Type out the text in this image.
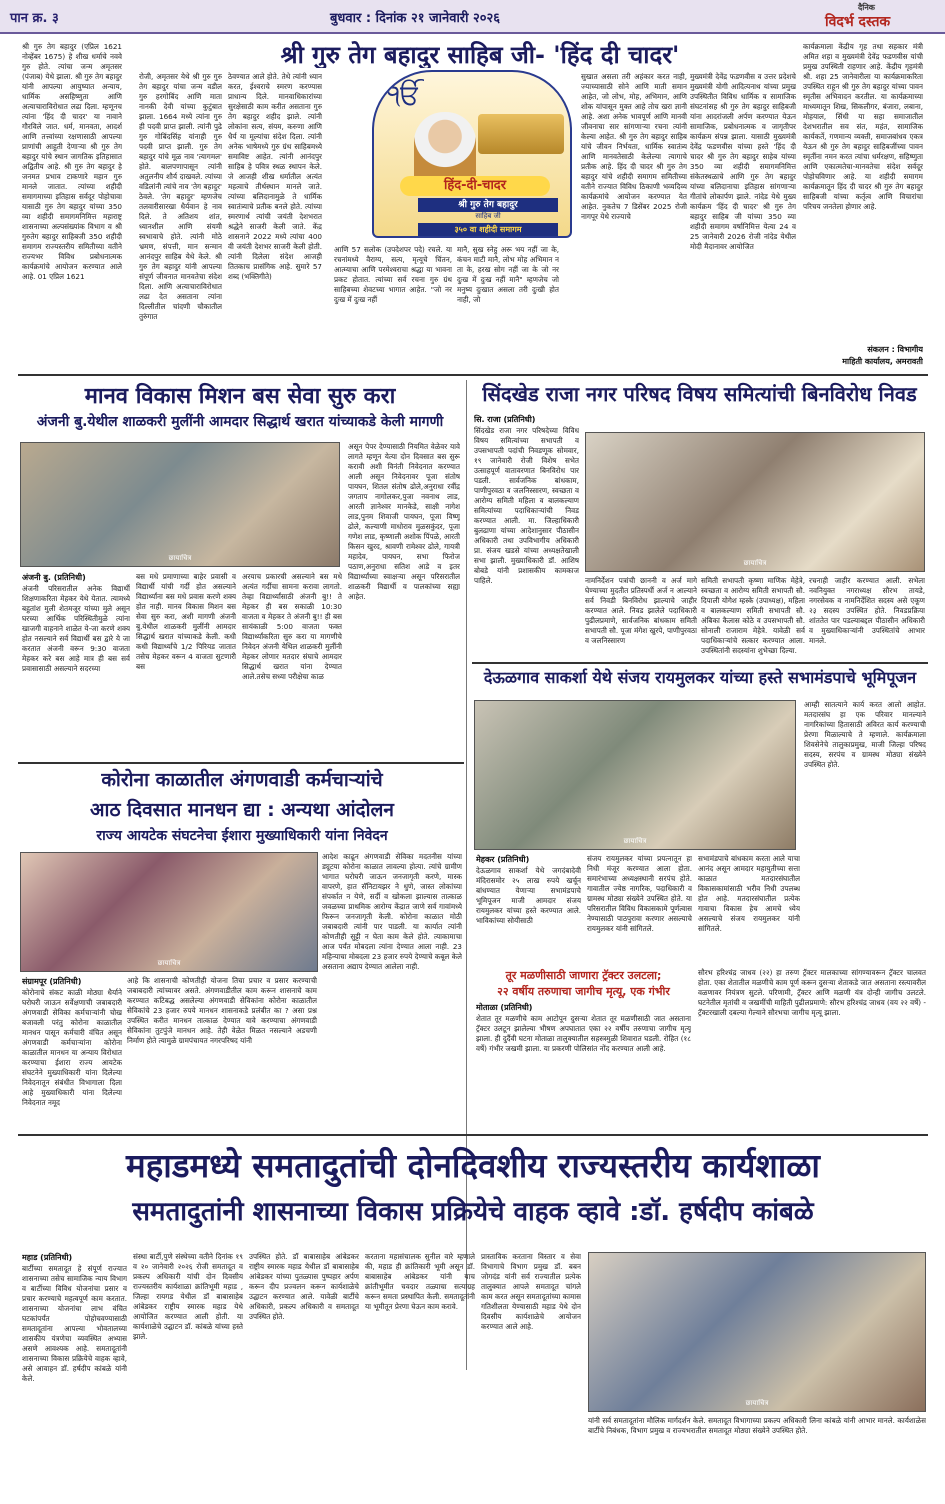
पान क्र. ३	बुधवार : दिनांक २१ जानेवारी २०२६
दैनिक
विदर्भ दस्तक
श्री गुरु तेग बहादुर साहिब जी- 'हिंद दी चादर'
श्री गुरु तेग बहादुर (एप्रिल 1621 नोव्हेंबर 1675) हे शीख धर्माचे नववे गुरु होते. त्यांचा जन्म अमृतसर (पंजाब) येथे झाला. श्री गुरु तेग बहादुर यांनी आपल्या आयुष्यात अन्याय, धार्मिक असहिष्णुता आणि अत्याचाराविरोधात लढा दिला. म्हणूनच त्यांना 'हिंद दी चादर' या नावाने गौरविले जात. धर्म, मानवता, आदर्श आणि तत्त्वांच्या रक्षणासाठी आपल्या प्राणांची आहुती देणाऱ्या श्री गुरु तेग बहादुर यांचे स्थान जागतिक इतिहासात अद्वितीय आहे. श्री गुरु तेग बहादुर हे जनमत प्रभाव टाकणारे महान गुरु मानले जातात. त्यांच्या शहीदी समागमाच्या इतिहास सर्वदूर पोहोचावा यासाठी गुरु तेग बहादुर यांच्या 350 व्या शहीदी समागमनिमित्त महाराष्ट्र शासनाच्या अल्पसंख्यांक विभाग व श्री गुरुतेग बहादुर साहिबजी 350 शहीदी समागम राज्यस्तरीय समितीच्या वतीने राज्यभर विविध प्रबोधनात्मक कार्यक्रमांचे आयोजन करण्यात आले आहे. 01 एप्रिल 1621
रोजी, अमृतसर येथे श्री गुरु गुरु तेग बहादुर यांचा जन्म वडील गुरु हरगोबिंद आणि माता नानकी देवी यांच्या कुटुंबात झाला. 1664 मध्ये त्यांना गुरु ही पदवी प्राप्त झाली. त्यांनी पुढे गुरु गोबिंदसिंह यांनाही गुरु पदवी प्राप्त झाली. गुरु तेग बहादुर यांचे मूळ नाव 'त्यागमल' होते. बालपणापासून त्यांनी अतुलनीय शौर्य दाखवले. त्यांच्या वडिलांनी त्यांचे नाव 'तेग बहादुर' ठेवले. 'तेग बहादुर' म्हणजेच तलवारीसारखा धैर्यवान हे नाव दिले. ते अतिशय शांत, ध्यानशील आणि संयमी स्वभावाचे होते. त्यांनी मोठे भ्रमण, संपत्ती, मान सन्मान आनंदपुर साहिब येथे केले. श्री गुरु तेग बहादुर यांनी आपल्या संपूर्ण जीवनात मानवतेचा संदेश दिला. आणि अत्याचाराविरोधात लढा देत असताना त्यांना दिल्लीतील चांदणी चौकातील तुरुंगात
ठेवण्यात आले होते. तेथे त्यांनी ध्यान करत, ईश्वराचे स्मरण करण्यास प्राधान्य दिले. मानवाधिकारांच्या सुरक्षेसाठी काम करीत असताना गुरु तेग बहादुर शहीद झाले. त्यांनी लोकांना सत्य, संयम, करुणा आणि धैर्य या मूल्यांचा संदेश दिला. त्यांनी अनेक भाषेमध्ये गुरु ग्रंथ साहिबमध्ये समाविष्ट आहेत. त्यांनी आनंदपुर साहिब हे पवित्र स्थळ स्थापन केले. जे आजही शीख धर्मातील अत्यंत महत्वाचे तीर्थस्थान मानले जाते. त्यांच्या बलिदानामुळे ते धार्मिक स्वातंत्र्याचे प्रतीक बनले होते. त्यांच्या स्मरणार्थ त्यांची जयंती देशभरात श्रद्धेने साजरी केली जाते. केंद्र शासनाने 2022 मध्ये त्यांचा 400 वी जयंती देशभर साजरी केली होती. त्यांनी दिलेला संदेश आजही तितकाच प्रासंगिक आहे. सुमारे 57 शब्द (भक्तिगीते)
ੴ
हिंद-दी-चादर
श्री गुरु तेग बहादुर
साहिब जी
३५० वा शहीदी समागम
आणि 57 सलोक (उपदेशपर पदे) रचले. या रचनांमध्ये वैराग्य, सत्य, मृत्यूचे चिंतन, आत्म्याचा आणि परमेश्वराचा श्रद्धा या भावना प्रकट होतात. त्यांच्या सर्व रचना गुरु ग्रंथ साहिबच्या शेवटच्या भागात आहेत. "जो नर दुःख में दुःख नहीं
मानै, सुख स्नेहु अरू भय नहीं जा के, कंचन माटी मानै, लोभ मोह अभिमान न ता के, हरख सोग नहीं जा के जो नर दुःख में दुःख नहीं मानै" म्हणजेच जो मनुष्य दुःखात असला तरी दुःखी होत नाही, जो
सुखात असला तरी अहंकार करत नाही, ज्याच्यासाठी सोने आणि माती समान आहेत, जो लोभ, मोह, अभिमान, आणि शोक यांपासून मुक्त आहे तोच खरा ज्ञानी आहे. अशा अनेक भावपूर्ण आणि मानवी जीवनाचा सार सांगणाऱ्या रचना त्यांनी केल्या आहेत. श्री गुरु तेग बहादुर साहिब यांचे जीवन निर्भयता, धार्मिक स्वातंत्र्य आणि मानवतेसाठी केलेल्या त्यागाचे प्रतीक आहे. हिंद दी चादर श्री गुरु तेग बहादुर यांचे शहीदी समागम समितीच्या वतीने राज्यात विविध ठिकाणी भव्यदिव्य कार्यक्रमांचे आयोजन करण्यात येत आहेत. नुकतेच 7 डिसेंबर 2025 रोजी नागपूर येथे राज्याचे
मुख्यमंत्री देवेंद्र फडणवीस व उत्तर प्रदेशचे मुख्यमंत्री योगी आदित्यनाथ यांच्या प्रमुख उपस्थितीत विविध धार्मिक व सामाजिक संघटनांसह श्री गुरु तेग बहादुर साहिबजी यांना आदरांजली अर्पण करण्यात येऊन सामाजिक, प्रबोधनात्मक व जागृतीपर कार्यक्रम संपन्न झाला. यासाठी मुख्यमंत्री देवेंद्र फडणवीस यांच्या हस्ते 'हिंद दी चादर श्री गुरु तेग बहादुर साहेब यांच्या 350 व्या शहीदी समागमनिमित्त संकेतस्थळाचे आणि गुरु तेग बहादुर यांच्या बलिदानाचा इतिहास सांगणाऱ्या गीतांचे लोकार्पण झाले. नांदेड येथे मुख्य कार्यक्रम 'हिंद दी चादर' श्री गुरु तेग बहादुर साहिब जी यांच्या 350 व्या शहीदी समागम वर्षानिमित्त येत्या 24 व 25 जानेवारी 2026 रोजी नांदेड येथील मोदी मैदानावर आयोजित
कार्यक्रमाला केंद्रीय गृह तथा सहकार मंत्री अमित शहा व मुख्यमंत्री देवेंद्र फडणवीस यांची प्रमुख उपस्थिती राहणार आहे. केंद्रीय गृहमंत्री श्री. शहा 25 जानेवारीला या कार्यक्रमाकरिता उपस्थित राहून श्री गुरु तेग बहादुर यांच्या पावन स्मृतीस अभिवादन करतील. या कार्यक्रमाच्या माध्यमातून शिख, सिकलीगर, बंजारा, लबाना, मोहयाल, सिंधी या सहा समाजातील देशभरातील सव संत, महंत, सामाजिक कार्यकर्ते, गणमान्य व्यक्ती, समाजबांधव एकत्र येऊन श्री गुरु तेग बहादुर साहिबजींच्या पावन स्मृतींना नमन करत त्यांचा धर्मरक्षण, सहिष्णुता आणि एकात्मतेचा-मानवतेचा संदेश सर्वदूर पोहोचविणार आहे. या शहीदी समागम कार्यक्रमातून हिंद दी चादर श्री गुरु तेग बहादुर साहिबजी यांच्या कर्तृत्व आणि विचारांचा परिचय जनतेला होणार आहे.
संकलन : विभागीय
माहिती कार्यालय, अमरावती
मानव विकास मिशन बस सेवा सुरु करा
अंजनी बु.येथील शाळकरी मुलींनी आमदार सिद्धार्थ खरात यांच्याकडे केली मागणी
छायाचित्र
अंजनी बु. (प्रतिनिधी)
अंजनी परिसरातील अनेक विद्यार्थी शिक्षणाकरिता मेहकर येथे येतात. त्यामध्ये बहुतांश मुली शेतमजूर यांच्या मुले असून घरच्या आर्थिक परिस्थितीमुळे त्यांना खाजगी वाहनाने शाळेत ये-जा करणे शक्य होत नसल्याने सर्व विद्यार्थी बस द्वारे ये जा करतात अंजनी वरून 9:30 वाजता मेहकर करे बस आहे मात्र ही बस सर्व प्रवासासाठी असल्याने सदरच्या
बस मधे प्रमाणाच्या बाहेर प्रवासी व विद्यार्थी यांची गर्दी होत असल्याने विद्यार्थ्यांना बस मधे प्रवास करणे शक्य होत नाही. मानव विकास मिशन बस सेवा सुरु करा, अशी मागणी अंजनी बु.येथील शाळकरी मुलींनी आमदार सिद्धार्थ खरात यांच्याकडे केली. कधी कधी विद्यार्थ्यांचे 1/2 पिरियड जातात तसेच मेहकर वरून 4 वाजता सुटणारी बस
अरयाच प्रकारची असल्याने बस मधे अत्यंत गर्दीचा सामना करावा लागतो. तेव्हा विद्यार्थ्यांसाठी अंजनी बु!! ते मेहकर ही बस सकाळी 10:30 वाजता व मेहकर ते अंजनी बु!! ही बस सायंकाळी 5:00 वाजता फक्त विद्यार्थ्यांकरिता सुरु करा या मागणीचे निवेदन अंजनी येथिल शाळकरी मुलींनी मेहकर लोणार मतदार संघाचे आमदार सिद्धार्थ खरात यांना देण्यात आले.तसेच सध्या परीक्षेचा काळ
असून पेपर देण्यासाठी नियमित वेळेवर यावे लागते म्हणून येत्या दोन दिवसात बस सुरू करावी अशी विनंती निवेदनात करण्यात आली असून निवेदनावर पूजा संतोष पायघन, शितल संतोष ढोले,अनुराधा रवींद्र जगताप नागोलकर,पुजा नवनाथ लाड, आरती ज्ञानेश्वर मानकेडे, साक्षी नागेश लाड,पुनम शिवाजी पायघन, पूजा विष्णू ढोले, कल्याणी माधोराव मुळसकुंदर, पूजा गणेश लाड, कृष्णाली अशोक पिंपळे, आरती किसन खुरद, श्रावणी रामेश्वर ढोले, गायत्री महादेव, पायघन, सभा फिरोज पठाण,अनुराधा सतिश आडे व इतर विद्यार्थ्यांच्या स्वाक्षऱ्या असून परिसरातील शाळकरी विद्यार्थी व पालकांच्या सह्या आहेत.
सिंदखेड राजा नगर परिषद विषय समित्यांची बिनविरोध निवड
सि. राजा (प्रतिनिधी)
सिंदखेड राजा नगर परिषदेच्या विविध विषय समित्यांच्या सभापती व उपसभापती पदांची निवडणूक सोमवार, १९ जानेवारी रोजी विशेष सभेत उत्साहपूर्ण वातावरणात बिनविरोध पार पडली. सार्वजनिक बांधकाम, पाणीपुरवठा व जलनिस्सारण, स्वच्छता व आरोग्य समिती महिला व बालकल्याण समित्यांच्या पदाधिकाऱ्यांची निवड करण्यात आली. मा. जिल्हाधिकारी बुलढाणा यांच्या आदेशानुसार पीठासीन अधिकारी तथा उपविभागीय अधिकारी प्रा. संजय खडसे यांच्या अध्यक्षतेखाली सभा झाली. मुख्याधिकारी डॉ. आशिष बोबडे यांनी प्रशासकीय कामकाज पाहिले.
छायाचित्र
नामनिर्देशन पत्रांची छाननी व अर्ज मागे घेण्याच्या मुदतीत प्रतिस्पर्धी अर्ज न आल्याने सर्व निवडी बिनविरोध झाल्याचे जाहीर करण्यात आले. निवड झालेले पदाधिकारी पुढीलप्रमाणे, सार्वजनिक बांधकाम समिती सभापती सौ. पूजा मंगेश खुरपे, पाणीपुरवठा व जलनिस्सारण
समिती सभापती कृष्णा माणिक मेहेत्रे, स्वच्छता व आरोग्य समिती सभापती सौ. दिपाली योगेश म्हस्के (उपाध्यक्ष), महिला व बालकल्याण समिती सभापती सौ. अंबिका कैलास कोठे व उपसभापती सौ. सोनाली राजाराम मेहेत्रे. यावेळी सर्व पदाधिकाऱ्यांचे सत्कार करण्यात आला. उपस्थितांनी सदस्यांना शुभेच्छा दिल्या.
रचनाही जाहीर करण्यात आली. सभेला नवनियुक्त नगराध्यक्ष सौरभ तायडे, नगरसेवक व नामनिर्देशित सदस्य असे एकूण २३ सदस्य उपस्थित होते. निवडप्रक्रिया शांततेत पार पडल्याबद्दल पीठासीन अधिकारी व मुख्याधिकाऱ्यांनी उपस्थितांचे आभार मानले.
देऊळगाव साकर्शा येथे संजय रायमुलकर यांच्या हस्ते सभामंडपाचे भूमिपूजन
छायाचित्र
मेहकर (प्रतिनिधी)
देऊळगाव साकर्शा येथे जगदंबादेवी मंदिरासमोर २५ लाख रुपये खर्चून बांधण्यात येणाऱ्या सभामंडपाचे भूमिपूजन माजी आमदार संजय रायमुलकर यांच्या हस्ते करण्यात आले. भाविकांच्या सोयीसाठी
संजय रायमुलकर यांच्या प्रयत्नातून हा निधी मंजूर करण्यात आला होता. समारंभाच्या अध्यक्षस्थानी सरपंच होते. गावातील ज्येष्ठ नागरिक, पदाधिकारी व ग्रामस्थ मोठ्या संख्येने उपस्थित होते. या परिसरातील विविध विकासकामे पूर्णत्वास नेण्यासाठी पाठपुरावा करणार असल्याचे रायमुलकर यांनी सांगितले.
सभामंडपाचे बांधकाम करता आले याचा आनंद असून आमदार महायुतीच्या सत्ता काळात मतदारसंघातील विकासकामांसाठी भरीव निधी उपलब्ध होत आहे. मतदारसंघातील प्रत्येक गावाचा विकास हेच आमचे ध्येय असल्याचे संजय रायमुलकर यांनी सांगितले.
आम्ही सातत्याने कार्य करत आलो आहोत. मतदारसंघ हा एक परिवार मानल्याने नागरिकांच्या हितासाठी अविरत कार्य करण्याची प्रेरणा मिळाल्याचे ते म्हणाले. कार्यक्रमाला शिवसेनेचे तालुकाप्रमुख, माजी जिल्हा परिषद सदस्य, सरपंच व ग्रामस्थ मोठ्या संख्येने उपस्थित होते.
तूर मळणीसाठी जाणारा ट्रॅक्टर उलटला;
२२ वर्षीय तरुणाचा जागीच मृत्यू, एक गंभीर
मोताळा (प्रतिनिधी)
शेतात तूर मळणीचे काम आटोपून दुसऱ्या शेतात तूर मळणीसाठी जात असताना ट्रॅक्टर उलटून झालेल्या भीषण अपघातात एका २२ वर्षीय तरुणाचा जागीच मृत्यू झाला. ही दुर्दैवी घटना मोताळा तालुक्यातील सहस्त्रमुळी शिवारात घडली. रोहित (१८ वर्षे) गंभीर जखमी झाला. या प्रकरणी पोलिसांत नोंद करण्यात आली आहे.
सौरभ हरिश्चंद्र जाधव (२२) हा तरुण ट्रॅक्टर मालकाच्या सांगण्यावरून ट्रॅक्टर चालवत होता. एका शेतातील मळणीचे काम पूर्ण करून दुसऱ्या शेताकडे जात असताना रस्त्यावरील वळणावर नियंत्रण सुटले. परिणामी, ट्रॅक्टर आणि मळणी यंत्र दोन्ही जागीच उलटले. घटनेतील मृतांची व जखमींची माहिती पुढीलप्रमाणे: सौरभ हरिश्चंद्र जाधव (वय २२ वर्षे) - ट्रॅक्टरखाली दबल्या गेल्याने सौरभचा जागीच मृत्यू झाला.
कोरोना काळातील अंगणवाडी कर्मचाऱ्यांचे
आठ दिवसात मानधन द्या : अन्यथा आंदोलन
राज्य आयटेक संघटनेचा ईशारा मुख्याधिकारी यांना निवेदन
छायाचित्र
संग्रामपूर (प्रतिनिधी)
कोरोनाचे संकट काळी मोठ्या धैर्याने घरोघरी जाऊन सर्वेक्षणाची जबाबदारी अंगणवाडी सेविका कर्मचाऱ्यांनी चोख बजावली परंतु कोरोना काळातील मानधन पासून कर्मचारी वंचित असून अंगणवाडी कर्मचाऱ्यांना कोरोना काळातील मानधन या अन्याय विरोधात करण्याचा ईशारा राज्य आयटेक संघटनेने मुख्याधिकारी यांना दिलेल्या निवेदनातून संबंधीत विभागाला दिला आहे मुख्याधिकारी यांना दिलेल्या निवेदनात नमूद
आहे कि शासनाची कोणतीही योजना तिचा प्रचार व प्रसार करण्याची जबाबदारी त्यांच्यावर असते. अंगणवाडीतील काम करून शासनाचे काम करण्यात कटिबद्ध असलेल्या अंगणवाडी सेविकांना कोरोना काळातील सेविकांचे 23 हजार रुपये मानधन शासनाकडे प्रलंबीत का ? असा प्रश्न उपस्थित करीत मानधन तात्काळ देण्यात यावे करण्याचा अंगणवाडी सेविकांना तुटपुंजे मानधन आहे. तेही वेळेत मिळत नसल्याने अडचणी निर्माण होते त्यामुळे ग्रामपंचायत नगरपरिषद यांनी
आदेश काढून अंगणवाडी सेविका मदतनीस यांच्या ड्यूटया कोरोना काळात लावल्या होत्या. त्यांचे ग्रामीण भागात घरोघरी जाऊन जनजागृती करणे, मास्क वापरणे, हात सॅनिटायझर ने धुणे, जास्त लोकांच्या संपर्कात न येणे, सर्दी व खोकला झाल्यास तात्काळ जवळच्या प्राथमिक आरोग्य केंद्रात जाणे सर्व गावांमध्ये फिरून जनजागृती केली. कोरोना काळात मोठी जबाबदारी त्यांनी पार पाडली. या कार्यात त्यांनी कोणतीही सुट्टी न घेता काम केले होते. त्याकामाचा आज पर्यंत मोबदला त्यांना देण्यात आला नाही. 23 महिन्याचा मोबदला 23 हजार रुपये देण्याचे कबूल केले असताना अद्याप देण्यात आलेला नाही.
महाडमध्ये समतादुतांची दोनदिवशीय राज्यस्तरीय कार्यशाळा
समतादुतांनी शासनाच्या विकास प्रक्रियेचे वाहक व्हावे :डॉ. हर्षदीप कांबळे
महाड (प्रतिनिधी)
बार्टीच्या समतादूत हे संपूर्ण राज्यात शासनाच्या तसेच सामाजिक न्याय विभाग व बार्टीच्या विविध योजनांचा प्रसार व प्रचार करण्याचे महत्वपूर्ण काम करतात. शासनाच्या योजनांचा लाभ वंचित घटकांपर्यंत पोहोचवण्यासाठी समतादूतांना आपल्या भोवतालच्या शासकीय यंत्रणेचा व्यवस्थित अभ्यास असणे आवश्यक आहे. समतादूतांनी शासनाच्या विकास प्रक्रियेचे वाहक व्हावे, असे आवाहन डॉ. हर्षदीप कांबळे यांनी केले.
संस्था बार्टी,पुणे संस्थेच्या वतीने दिनांक १९ व २० जानेवारी २०२६ रोजी समतादूत व प्रकल्प अधिकारी यांची दोन दिवसीय राज्यस्तरीय कार्यशाळा क्रांतिभूमी महाड , जिल्हा रायगड येथील डॉ बाबासाहेब आंबेडकर राष्ट्रीय स्मारक महाड येथे आयोजित करण्यात आली होती. या कार्यशाळेचे उद्घाटन डॉ. कांबळे यांच्या हस्ते झाले.
उपस्थित होते. डॉ बाबासाहेब आंबेडकर राष्ट्रीय स्मारक महाड येथील डॉ बाबासाहेब आंबेडकर यांच्या पुतळ्यास पुष्पहार अर्पण करून दीप प्रज्वलन करून कार्यशाळेचे उद्घाटन करण्यात आले. यावेळी बार्टीचे अधिकारी, प्रकल्प अधिकारी व समतादूत उपस्थित होते.
करताना महासंचालक सुनील वारे म्हणाले की, महाड ही क्रांतिकारी भूमी असून डॉ. बाबासाहेब आंबेडकर यांनी याच क्रांतीभूमीत चवदार तळ्याचा सत्याग्रह करून समता प्रस्थापित केली. समतादूतांनी या भूमीतून प्रेरणा घेऊन काम करावे.
प्रास्ताविक करताना विस्तार व सेवा विभागाचे विभाग प्रमुख डॉ. बबन जोगदंड यांनी सर्व राज्यातील प्रत्येक तालुक्यात आपले समतादूत चांगले काम करत असून समतादूतांच्या कामास गतिशीलता येण्यासाठी महाड येथे दोन दिवसीय कार्यशाळेचे आयोजन करण्यात आले आहे.
छायाचित्र
यांनी सर्व समतादूतांना मौलिक मार्गदर्शन केले. समतादूत विभागाच्या प्रकल्प अधिकारी लिना कांबळे यांनी आभार मानले. कार्यशाळेस बार्टीचे निबंधक, विभाग प्रमुख व राज्यभरातील समतादूत मोठ्या संख्येने उपस्थित होते.
